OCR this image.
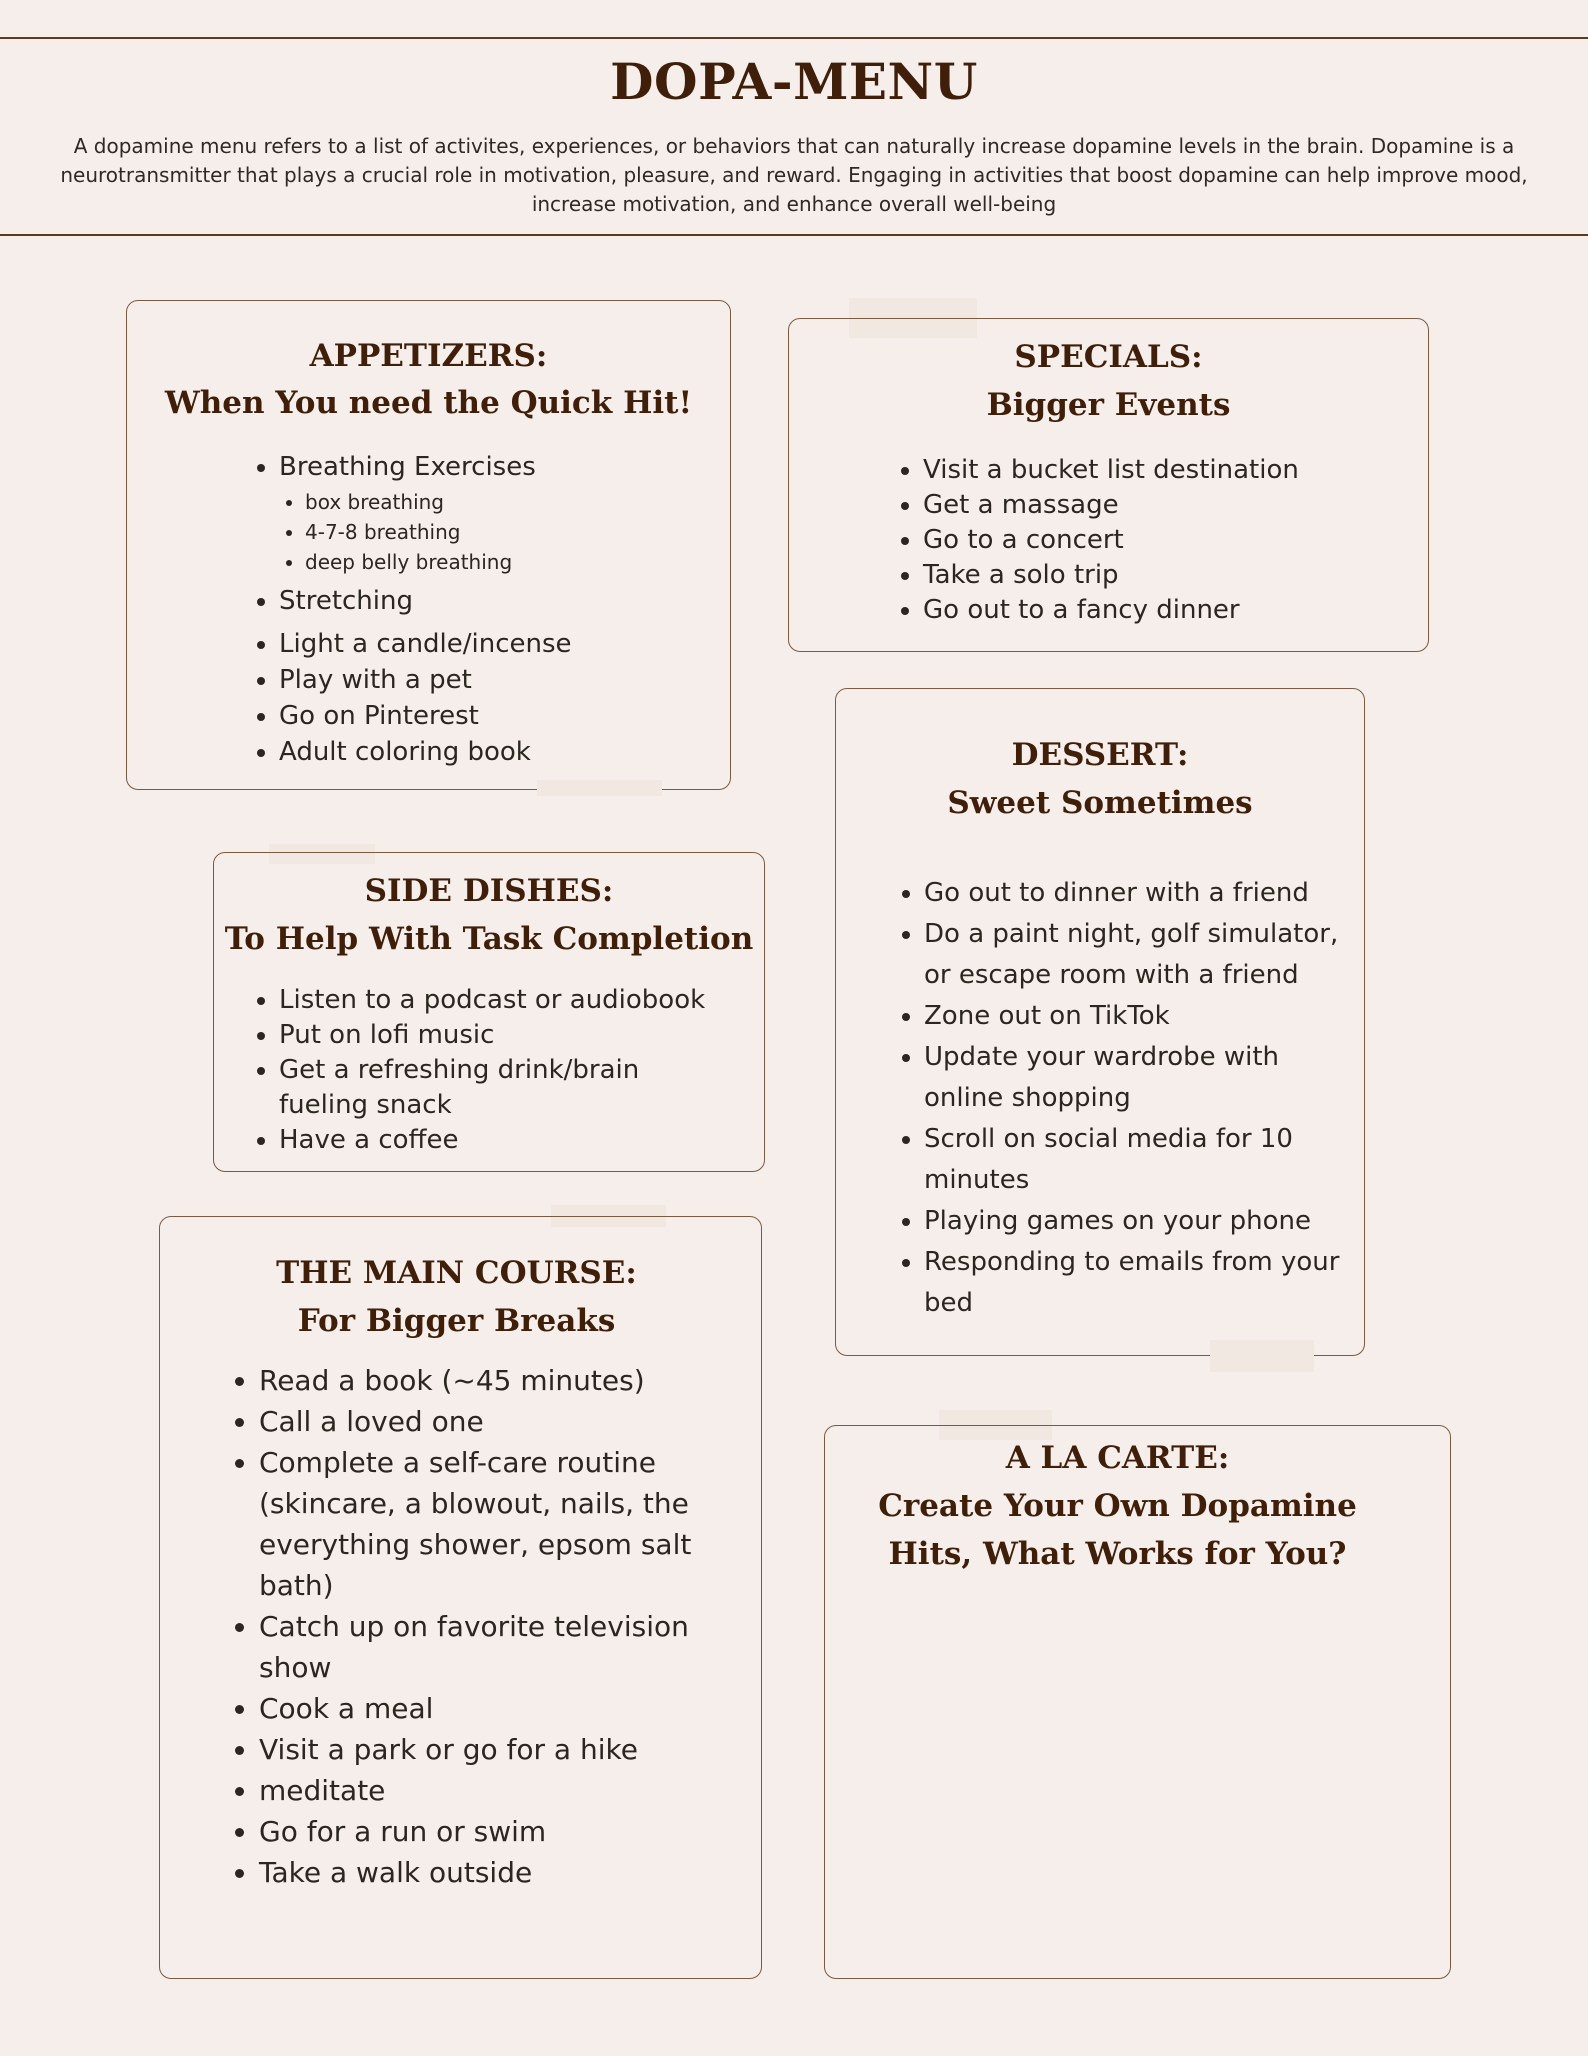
DOPA-MENU

A dopamine menu refers to a list of activites, experiences, or behaviors that can naturally increase dopamine levels in the brain. Dopamine is a neurotransmitter that plays a crucial role in motivation, pleasure, and reward. Engaging in activities that boost dopamine can help improve mood, increase motivation, and enhance overall well-being

APPETIZERS:
When You need the Quick Hit!
• Breathing Exercises
• box breathing
• 4-7-8 breathing
• deep belly breathing
• Stretching
• Light a candle/incense
• Play with a pet
• Go on Pinterest
• Adult coloring book
SPECIALS:
Bigger Events
• Visit a bucket list destination
• Get a massage
• Go to a concert
• Take a solo trip
• Go out to a fancy dinner
DESSERT:
Sweet Sometimes
• Go out to dinner with a friend
• Do a paint night, golf simulator, or escape room with a friend
• Zone out on TikTok
• Update your wardrobe with online shopping
• Scroll on social media for 10 minutes
• Playing games on your phone
• Responding to emails from your bed
SIDE DISHES:
To Help With Task Completion
• Listen to a podcast or audiobook
• Put on lofi music
• Get a refreshing drink/brain fueling snack
• Have a coffee
THE MAIN COURSE:
For Bigger Breaks
• Read a book (~45 minutes)
• Call a loved one
• Complete a self-care routine (skincare, a blowout, nails, the everything shower, epsom salt bath)
• Catch up on favorite television show
• Cook a meal
• Visit a park or go for a hike
• meditate
• Go for a run or swim
• Take a walk outside
A LA CARTE:
Create Your Own Dopamine
Hits, What Works for You?
